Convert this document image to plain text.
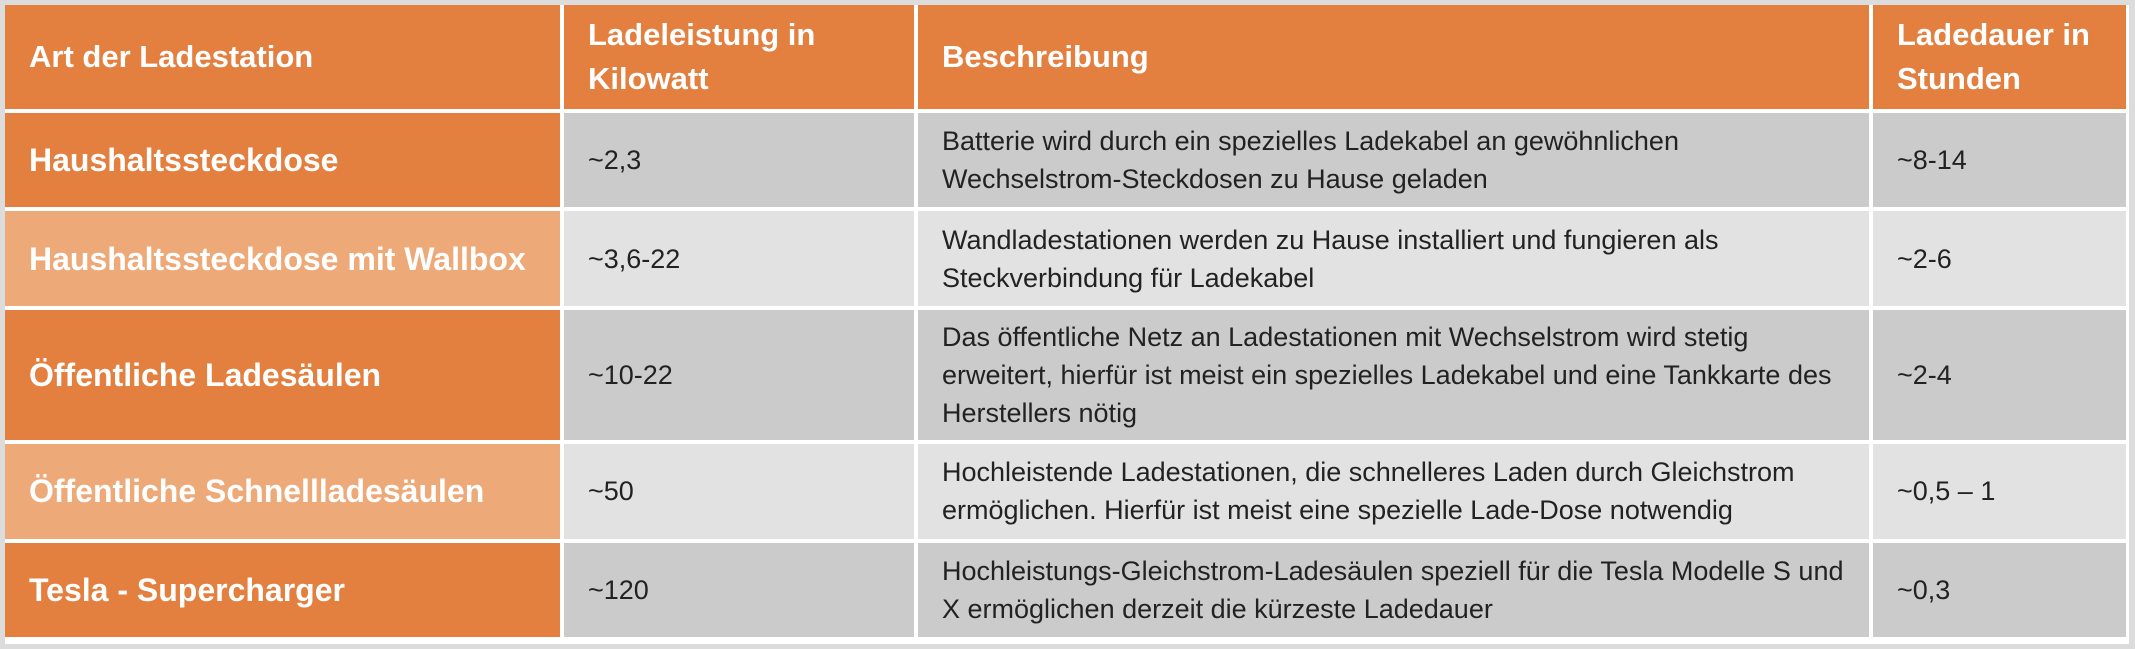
Art der Ladestation	Ladeleistung in Kilowatt	Beschreibung	Ladedauer in Stunden
Haushaltssteckdose	~2,3	Batterie wird durch ein spezielles Ladekabel an gewöhnlichen Wechselstrom-Steckdosen zu Hause geladen	~8-14
Haushaltssteckdose mit Wallbox	~3,6-22	Wandladestationen werden zu Hause installiert und fungieren als Steckverbindung für Ladekabel	~2-6
Öffentliche Ladesäulen	~10-22	Das öffentliche Netz an Ladestationen mit Wechselstrom wird stetig erweitert, hierfür ist meist ein spezielles Ladekabel und eine Tankkarte des Herstellers nötig	~2-4
Öffentliche Schnellladesäulen	~50	Hochleistende Ladestationen, die schnelleres Laden durch Gleichstrom ermöglichen. Hierfür ist meist eine spezielle Lade-Dose notwendig	~0,5 – 1
Tesla - Supercharger	~120	Hochleistungs-Gleichstrom-Ladesäulen speziell für die Tesla Modelle S und X ermöglichen derzeit die kürzeste Ladedauer	~0,3
